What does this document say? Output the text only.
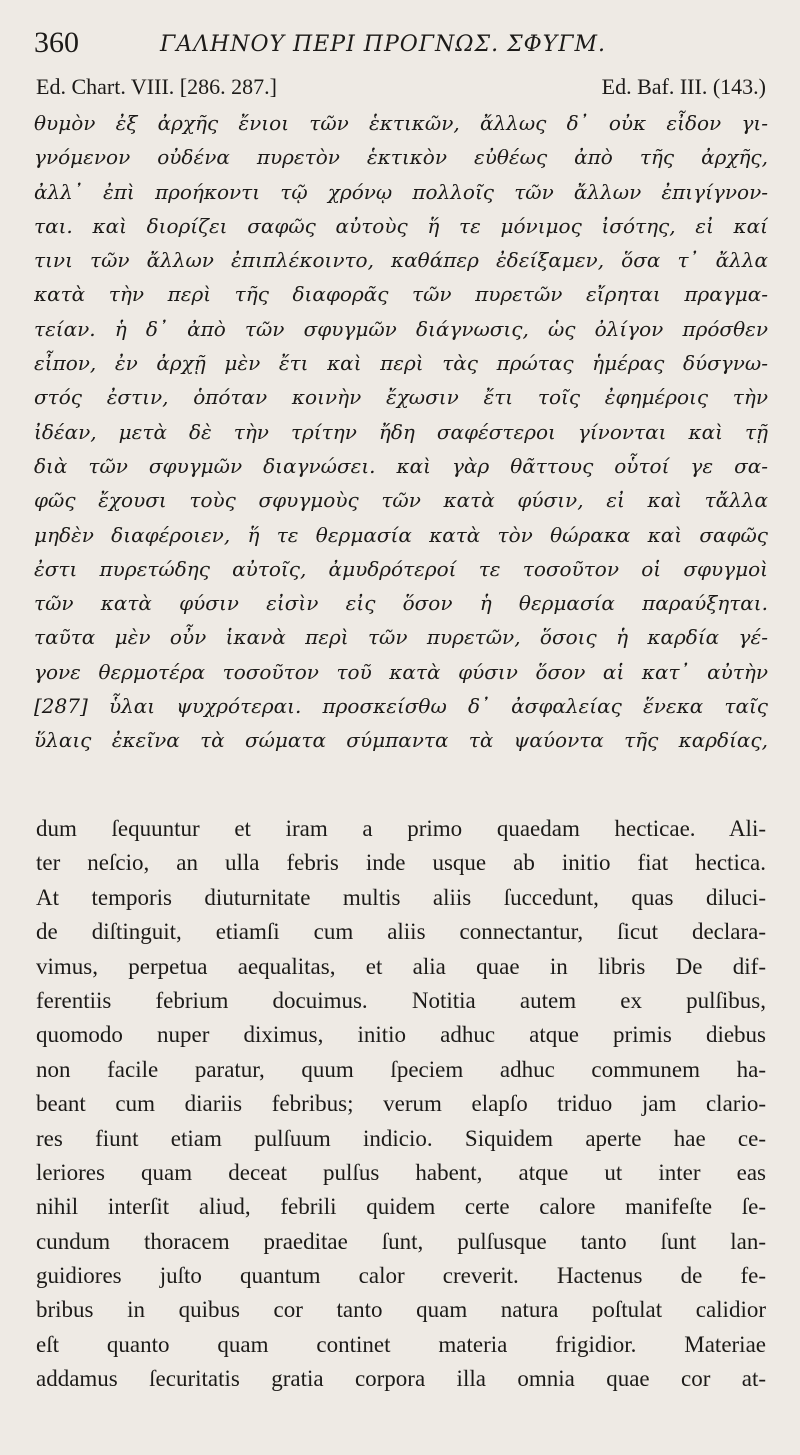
360	ΓΑΛΗΝΟΥ ΠΕΡΙ ΠΡΟΓΝΩΣ. ΣΦΥΓΜ.
Ed. Chart. VIII. [286. 287.]	Ed. Baf. III. (143.)
θυμὸν ἐξ ἀρχῆς ἔνιοι τῶν ἑκτικῶν, ἄλλως δ᾽ οὐκ εἶδον γι-
γνόμενον οὐδένα πυρετὸν ἑκτικὸν εὐθέως ἀπὸ τῆς ἀρχῆς,
ἀλλ᾽ ἐπὶ προήκοντι τῷ χρόνῳ πολλοῖς τῶν ἄλλων ἐπιγίγνον-
ται. καὶ διορίζει σαφῶς αὐτοὺς ἥ τε μόνιμος ἰσότης, εἰ καί
τινι τῶν ἄλλων ἐπιπλέκοιντο, καθάπερ ἐδείξαμεν, ὅσα τ᾽ ἄλλα
κατὰ τὴν περὶ τῆς διαφορᾶς τῶν πυρετῶν εἴρηται πραγμα-
τείαν. ἡ δ᾽ ἀπὸ τῶν σφυγμῶν διάγνωσις, ὡς ὀλίγον πρόσθεν
εἶπον, ἐν ἀρχῇ μὲν ἔτι καὶ περὶ τὰς πρώτας ἡμέρας δύσγνω-
στός ἐστιν, ὁπόταν κοινὴν ἔχωσιν ἔτι τοῖς ἐφημέροις τὴν
ἰδέαν, μετὰ δὲ τὴν τρίτην ἤδη σαφέστεροι γίνονται καὶ τῇ
διὰ τῶν σφυγμῶν διαγνώσει. καὶ γὰρ θᾶττους οὗτοί γε σα-
φῶς ἔχουσι τοὺς σφυγμοὺς τῶν κατὰ φύσιν, εἰ καὶ τἄλλα
μηδὲν διαφέροιεν, ἥ τε θερμασία κατὰ τὸν θώρακα καὶ σαφῶς
ἐστι πυρετώδης αὐτοῖς, ἀμυδρότεροί τε τοσοῦτον οἱ σφυγμοὶ
τῶν κατὰ φύσιν εἰσὶν εἰς ὅσον ἡ θερμασία παραύξηται.
ταῦτα μὲν οὖν ἱκανὰ περὶ τῶν πυρετῶν, ὅσοις ἡ καρδία γέ-
γονε θερμοτέρα τοσοῦτον τοῦ κατὰ φύσιν ὅσον αἱ κατ᾽ αὐτὴν
[287] ὗλαι ψυχρότεραι. προσκείσθω δ᾽ ἀσφαλείας ἕνεκα ταῖς
ὕλαις ἐκεῖνα τὰ σώματα σύμπαντα τὰ ψαύοντα τῆς καρδίας,
dum ſequuntur et iram a primo quaedam hecticae. Ali-
ter neſcio, an ulla febris inde usque ab initio fiat hectica.
At temporis diuturnitate multis aliis ſuccedunt, quas diluci-
de diſtinguit, etiamſi cum aliis connectantur, ſicut declara-
vimus, perpetua aequalitas, et alia quae in libris De dif-
ferentiis febrium docuimus. Notitia autem ex pulſibus,
quomodo nuper diximus, initio adhuc atque primis diebus
non facile paratur, quum ſpeciem adhuc communem ha-
beant cum diariis febribus; verum elapſo triduo jam clario-
res fiunt etiam pulſuum indicio. Siquidem aperte hae ce-
leriores quam deceat pulſus habent, atque ut inter eas
nihil interſit aliud, febrili quidem certe calore manifeſte ſe-
cundum thoracem praeditae ſunt, pulſusque tanto ſunt lan-
guidiores juſto quantum calor creverit. Hactenus de fe-
bribus in quibus cor tanto quam natura poſtulat calidior
eſt quanto quam continet materia frigidior. Materiae
addamus ſecuritatis gratia corpora illa omnia quae cor at-
